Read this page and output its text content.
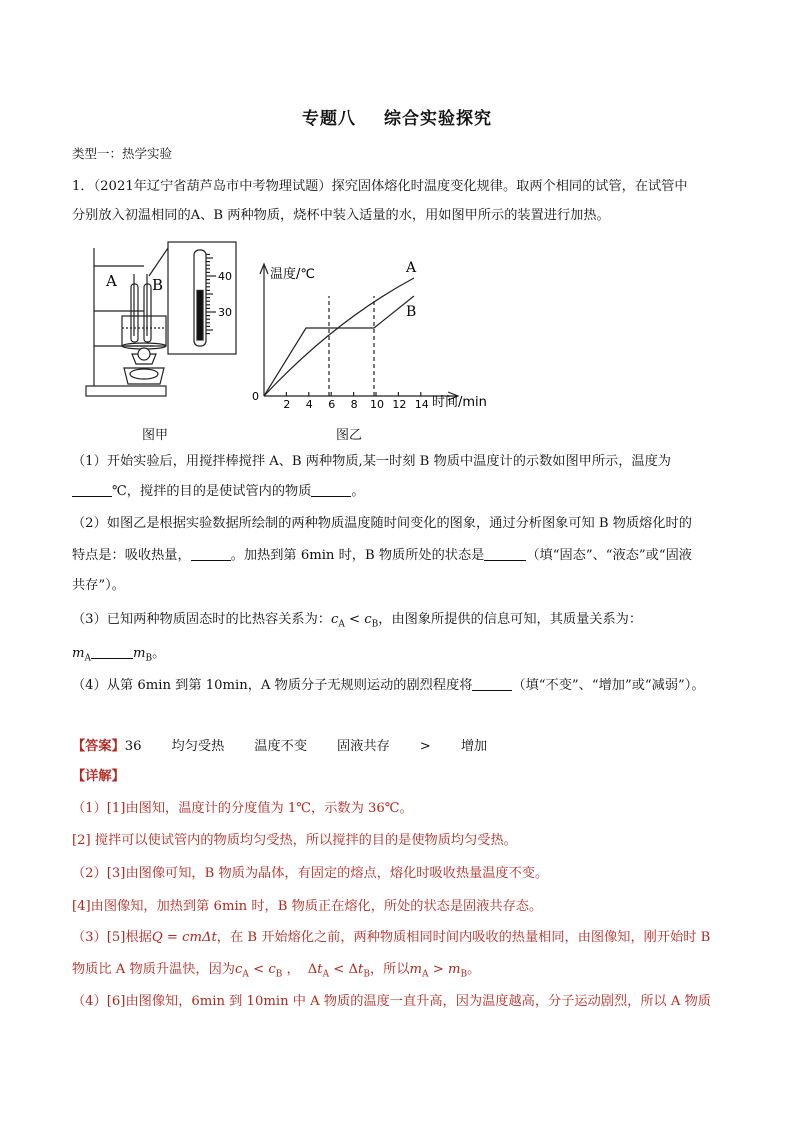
专题八 综合实验探究
类型一：热学实验
1．（2021年辽宁省葫芦岛市中考物理试题）探究固体熔化时温度变化规律。取两个相同的试管，在试管中
分别放入初温相同的A、B 两种物质，烧杯中装入适量的水，用如图甲所示的装置进行加热。
A B	40
30
温度/℃
时间/min
0
2 4 6 8 10 12 14
A
B
图甲	图乙
（1）开始实验后，用搅拌棒搅拌 A、B 两种物质,某一时刻 B 物质中温度计的示数如图甲所示，温度为
℃，搅拌的目的是使试管内的物质	。
（2）如图乙是根据实验数据所绘制的两种物质温度随时间变化的图象，通过分析图象可知 B 物质熔化时的
特点是：吸收热量，	。加热到第 6min 时，B 物质所处的状态是	（填“固态”、“液态”或“固液
共存”）。
（3）已知两种物质固态时的比热容关系为：$c_A < c_B$，由图象所提供的信息可知，其质量关系为：
$m_A$	$m_B$。
（4）从第 6min 到第 10min，A 物质分子无规则运动的剧烈程度将	（填“不变”、“增加”或“减弱”）。
【答案】36 均匀受热 温度不变 固液共存 > 增加
【详解】
（1）[1]由图知，温度计的分度值为 1℃，示数为 36℃。
[2] 搅拌可以使试管内的物质均匀受热，所以搅拌的目的是使物质均匀受热。
（2）[3]由图像可知，B 物质为晶体，有固定的熔点，熔化时吸收热量温度不变。
[4]由图像知，加热到第 6min 时，B 物质正在熔化，所处的状态是固液共存态。
（3）[5]根据Q = cmΔt，在 B 开始熔化之前，两种物质相同时间内吸收的热量相同，由图像知，刚开始时 B
物质比 A 物质升温快，因为$c_A < c_B$ ， $\Delta t_A < \Delta t_B$，所以$m_A > m_B$。
（4）[6]由图像知，6min 到 10min 中 A 物质的温度一直升高，因为温度越高，分子运动剧烈，所以 A 物质
